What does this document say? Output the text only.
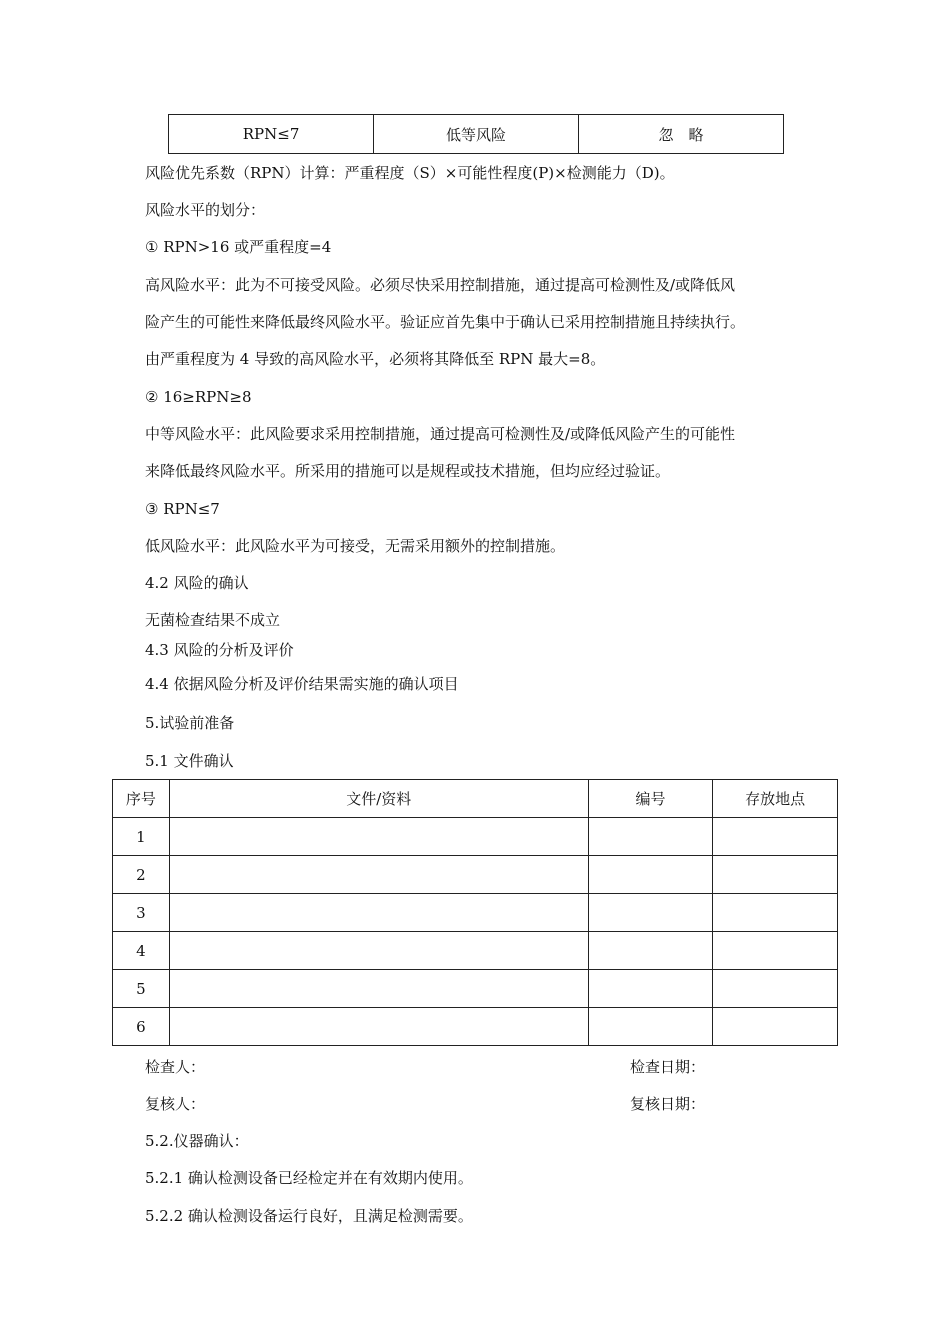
RPN≤7	低等风险	忽　略
风险优先系数（RPN）计算：严重程度（S）×可能性程度(P)×检测能力（D)。
风险水平的划分：
① RPN>16 或严重程度=4
高风险水平：此为不可接受风险。必须尽快采用控制措施，通过提高可检测性及/或降低风
险产生的可能性来降低最终风险水平。验证应首先集中于确认已采用控制措施且持续执行。
由严重程度为 4 导致的高风险水平，必须将其降低至 RPN 最大=8。
② 16≥RPN≥8
中等风险水平：此风险要求采用控制措施，通过提高可检测性及/或降低风险产生的可能性
来降低最终风险水平。所采用的措施可以是规程或技术措施，但均应经过验证。
③ RPN≤7
低风险水平：此风险水平为可接受，无需采用额外的控制措施。
4.2 风险的确认
无菌检查结果不成立
4.3 风险的分析及评价
4.4 依据风险分析及评价结果需实施的确认项目
5.试验前准备
5.1 文件确认
序号	文件/资料	编号	存放地点
1			
2			
3			
4			
5			
6			
检查人：	检查日期：
复核人：	复核日期：
5.2.仪器确认：
5.2.1 确认检测设备已经检定并在有效期内使用。
5.2.2 确认检测设备运行良好，且满足检测需要。
